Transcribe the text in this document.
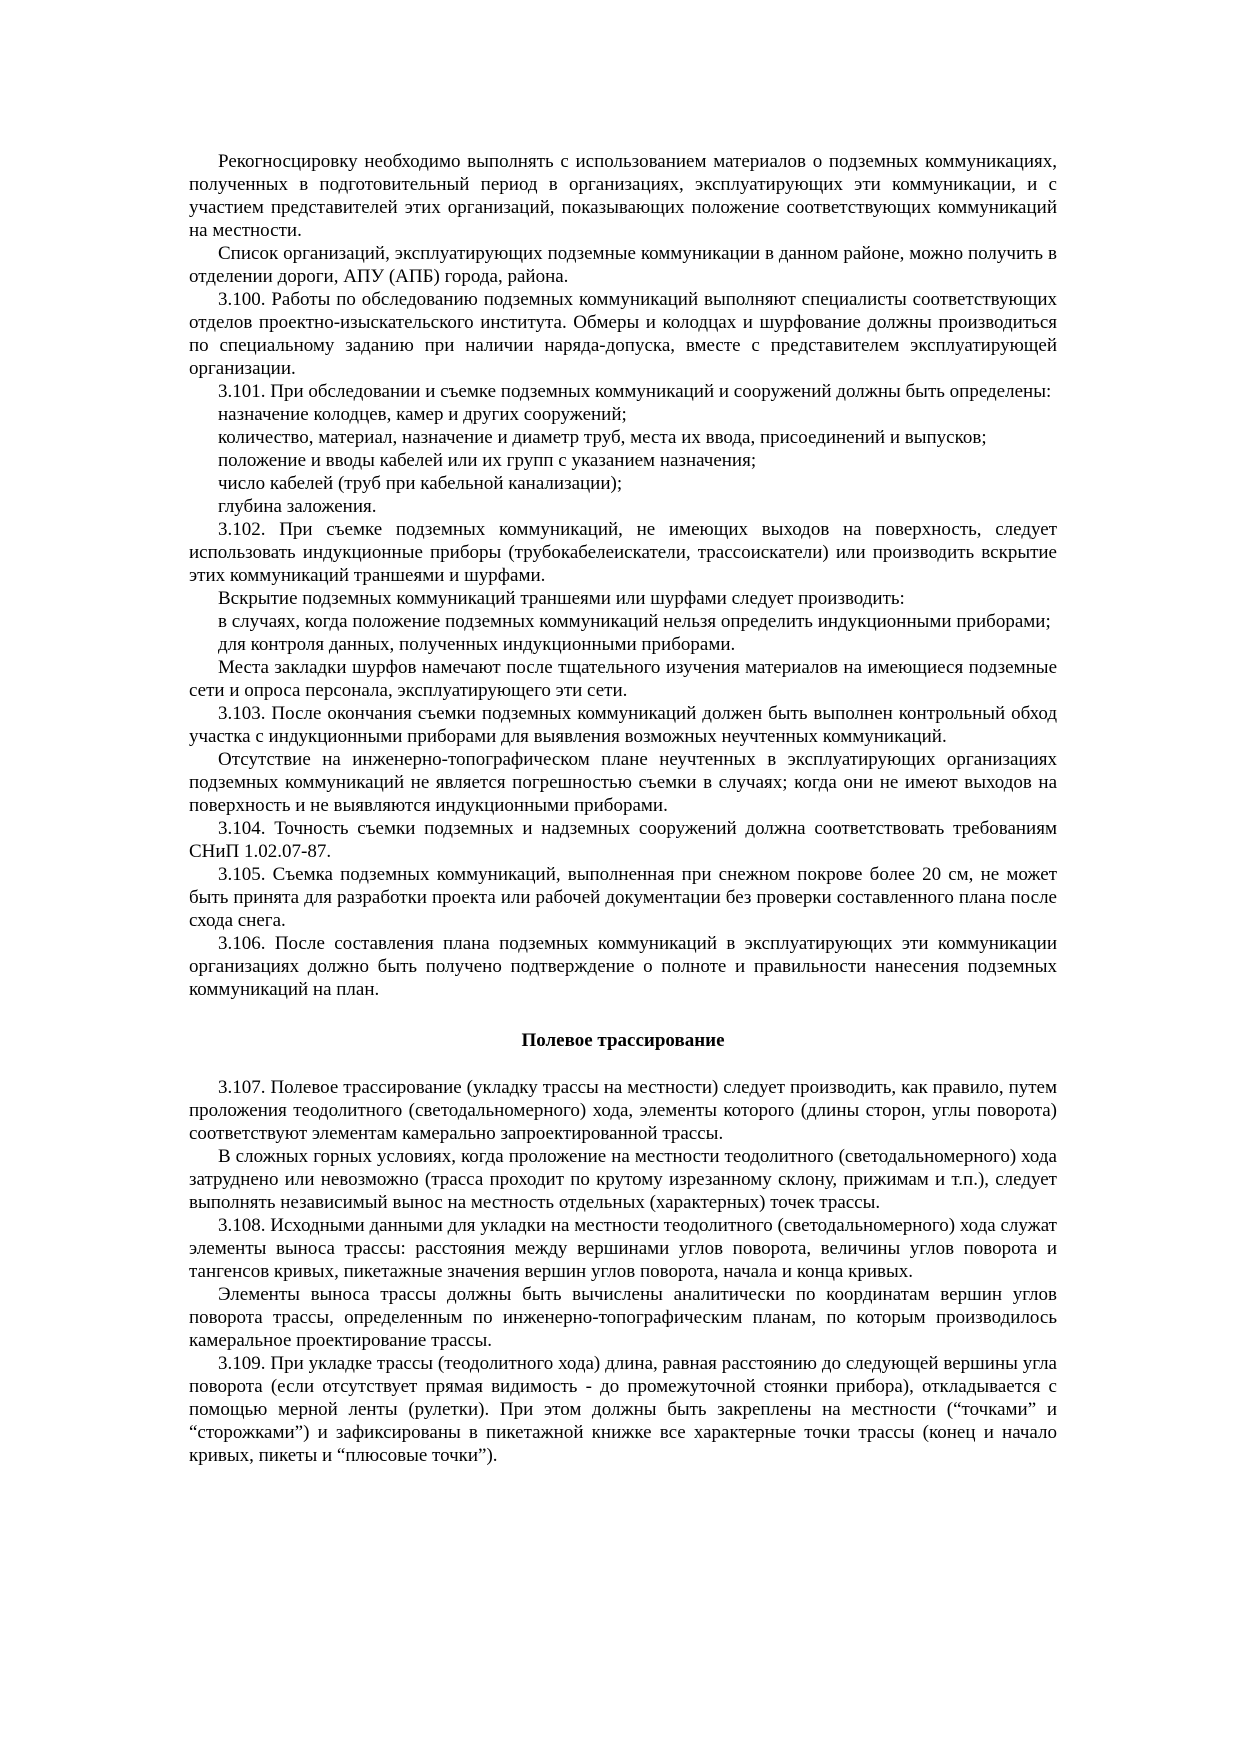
Рекогносцировку необходимо выполнять с использованием материалов о подземных коммуникациях, полученных в подготовительный период в организациях, эксплуатирующих эти коммуникации, и с участием представителей этих организаций, показывающих положение соответствующих коммуникаций на местности.

Список организаций, эксплуатирующих подземные коммуникации в данном районе, можно получить в отделении дороги, АПУ (АПБ) города, района.

3.100. Работы по обследованию подземных коммуникаций выполняют специалисты соответствующих отделов проектно-изыскательского института. Обмеры и колодцах и шурфование должны производиться по специальному заданию при наличии наряда-допуска, вместе с представителем эксплуатирующей организации.

3.101. При обследовании и съемке подземных коммуникаций и сооружений должны быть определены:

назначение колодцев, камер и других сооружений;

количество, материал, назначение и диаметр труб, места их ввода, присоединений и выпусков;

положение и вводы кабелей или их групп с указанием назначения;

число кабелей (труб при кабельной канализации);

глубина заложения.

3.102. При съемке подземных коммуникаций, не имеющих выходов на поверхность, следует использовать индукционные приборы (трубокабелеискатели, трассоискатели) или производить вскрытие этих коммуникаций траншеями и шурфами.

Вскрытие подземных коммуникаций траншеями или шурфами следует производить:

в случаях, когда положение подземных коммуникаций нельзя определить индукционными приборами;

для контроля данных, полученных индукционными приборами.

Места закладки шурфов намечают после тщательного изучения материалов на имеющиеся подземные сети и опроса персонала, эксплуатирующего эти сети.

3.103. После окончания съемки подземных коммуникаций должен быть выполнен контрольный обход участка с индукционными приборами для выявления возможных неучтенных коммуникаций.

Отсутствие на инженерно-топографическом плане неучтенных в эксплуатирующих организациях подземных коммуникаций не является погрешностью съемки в случаях; когда они не имеют выходов на поверхность и не выявляются индукционными приборами.

3.104. Точность съемки подземных и надземных сооружений должна соответствовать требованиям СНиП 1.02.07-87.

3.105. Съемка подземных коммуникаций, выполненная при снежном покрове более 20 см, не может быть принята для разработки проекта или рабочей документации без проверки составленного плана после схода снега.

3.106. После составления плана подземных коммуникаций в эксплуатирующих эти коммуникации организациях должно быть получено подтверждение о полноте и правильности нанесения подземных коммуникаций на план.

Полевое трассирование

3.107. Полевое трассирование (укладку трассы на местности) следует производить, как правило, путем проложения теодолитного (светодальномерного) хода, элементы которого (длины сторон, углы поворота) соответствуют элементам камерально запроектированной трассы.

В сложных горных условиях, когда проложение на местности теодолитного (светодальномерного) хода затруднено или невозможно (трасса проходит по крутому изрезанному склону, прижимам и т.п.), следует выполнять независимый вынос на местность отдельных (характерных) точек трассы.

3.108. Исходными данными для укладки на местности теодолитного (светодальномерного) хода служат элементы выноса трассы: расстояния между вершинами углов поворота, величины углов поворота и тангенсов кривых, пикетажные значения вершин углов поворота, начала и конца кривых.

Элементы выноса трассы должны быть вычислены аналитически по координатам вершин углов поворота трассы, определенным по инженерно-топографическим планам, по которым производилось камеральное проектирование трассы.

3.109. При укладке трассы (теодолитного хода) длина, равная расстоянию до следующей вершины угла поворота (если отсутствует прямая видимость - до промежуточной стоянки прибора), откладывается с помощью мерной ленты (рулетки). При этом должны быть закреплены на местности (“точками” и “сторожками”) и зафиксированы в пикетажной книжке все характерные точки трассы (конец и начало кривых, пикеты и “плюсовые точки”).
